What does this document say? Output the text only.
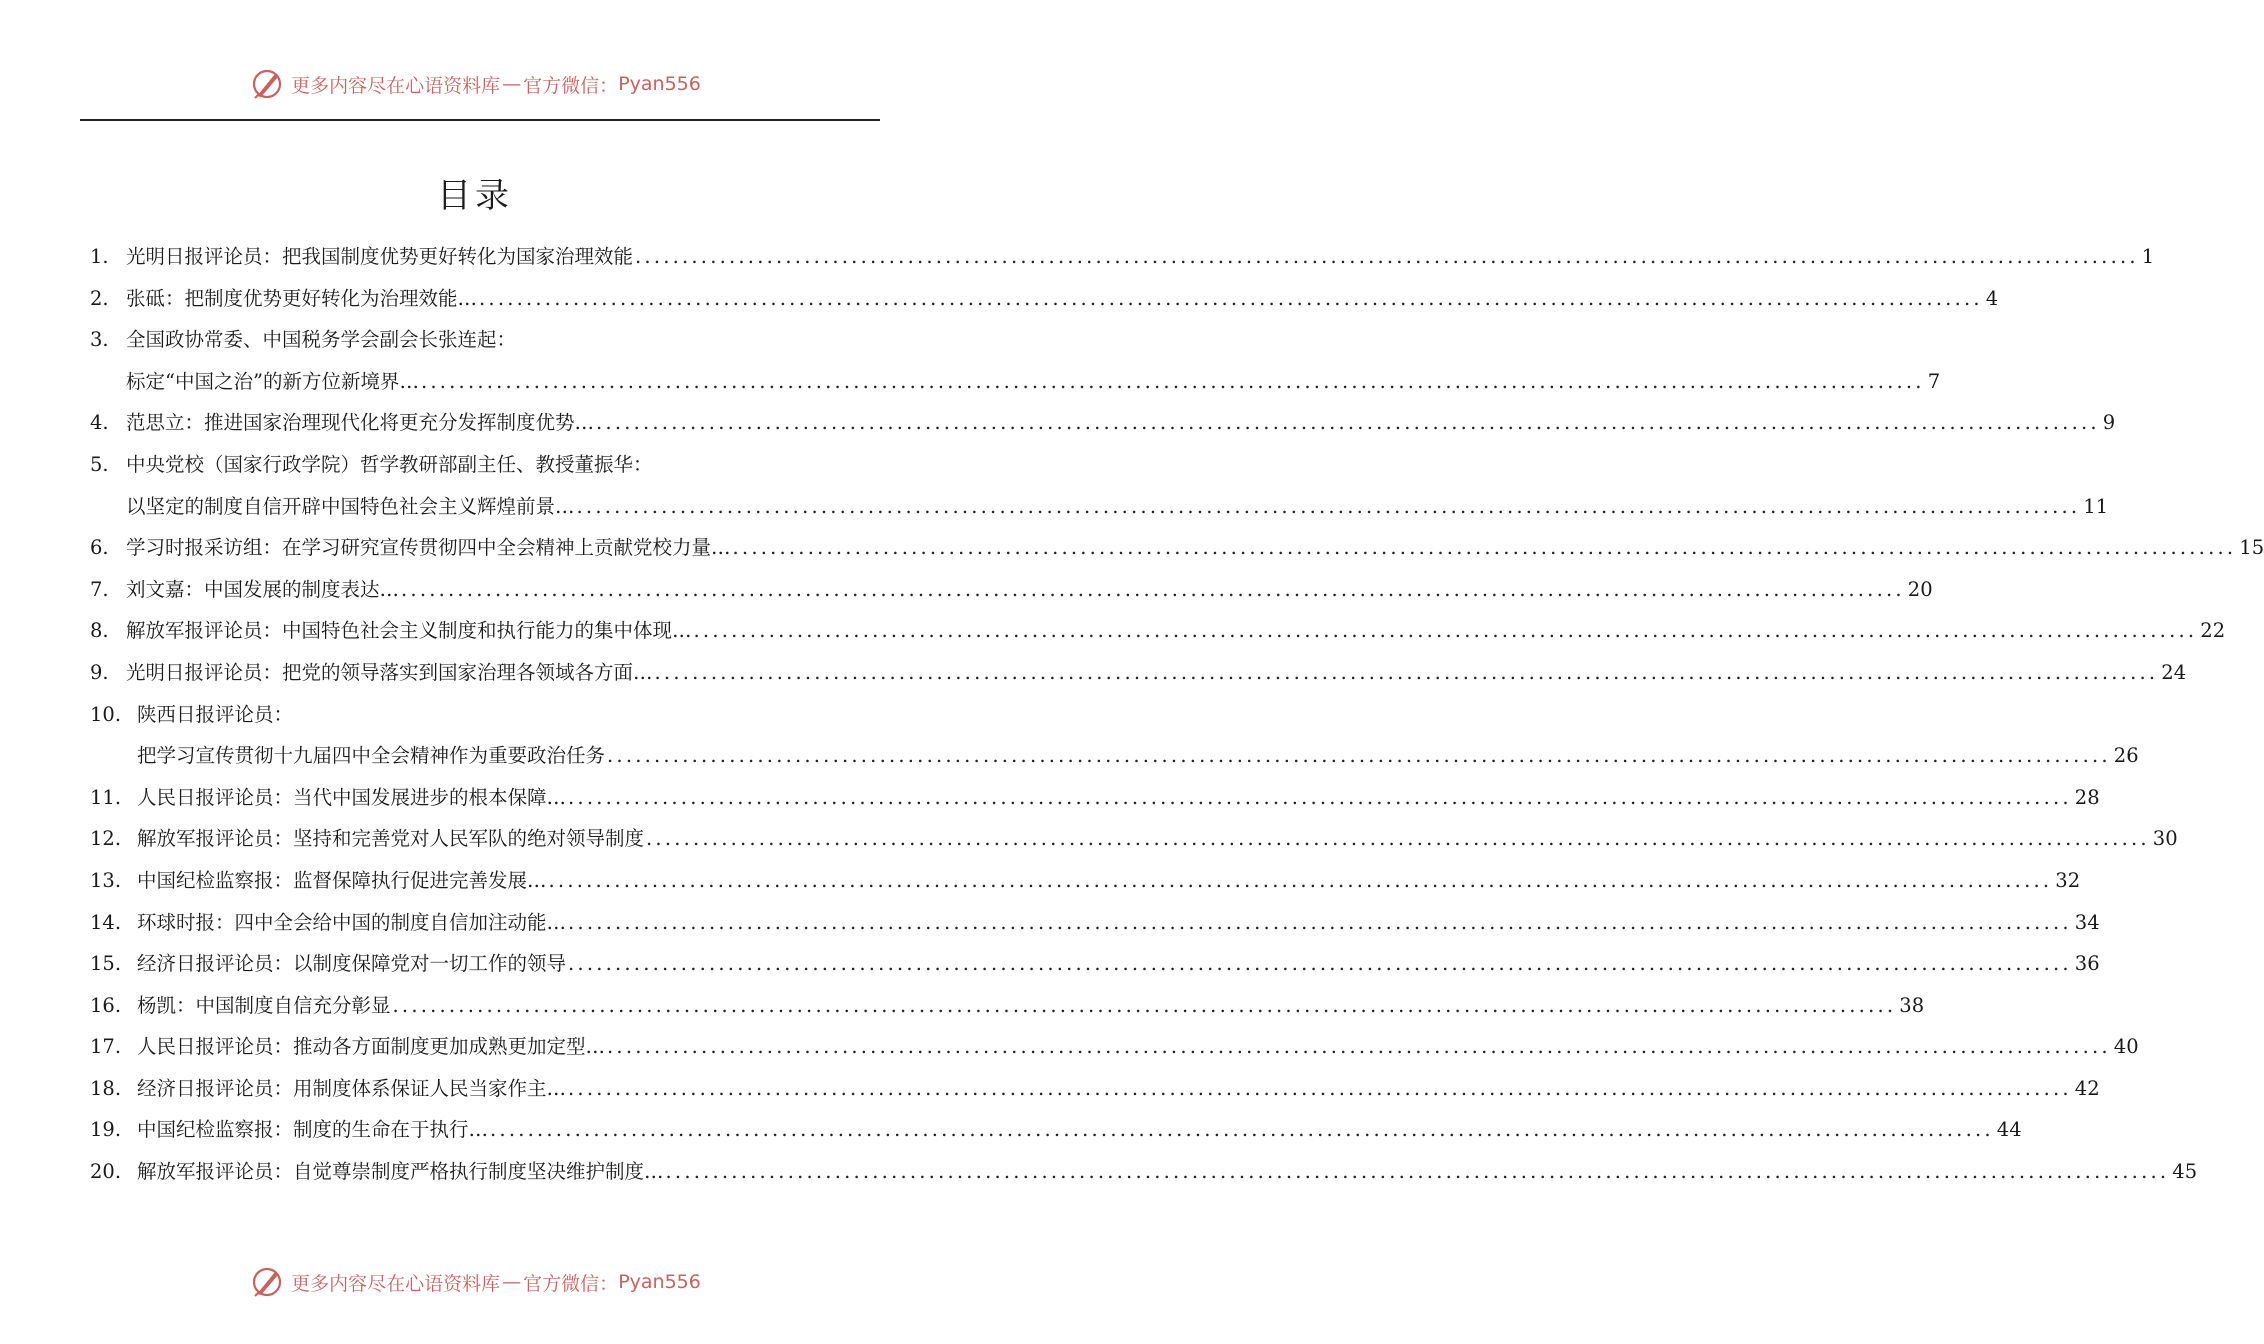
更多内容尽在心语资料库 — 官方微信： Pyan556
目录
1. 光明日报评论员：把我国制度优势更好转化为国家治理效能 ................................................................................................................................................................ 1
2. 张砥：把制度优势更好转化为治理效能… ................................................................................................................................................................ 4
3. 全国政协常委、中国税务学会副会长张连起：
标定“中国之治”的新方位新境界… ................................................................................................................................................................ 7
4. 范思立：推进国家治理现代化将更充分发挥制度优势… ................................................................................................................................................................ 9
5. 中央党校（国家行政学院）哲学教研部副主任、教授董振华：
以坚定的制度自信开辟中国特色社会主义辉煌前景… ................................................................................................................................................................ 11
6. 学习时报采访组：在学习研究宣传贯彻四中全会精神上贡献党校力量… ................................................................................................................................................................ 15
7. 刘文嘉：中国发展的制度表达… ................................................................................................................................................................ 20
8. 解放军报评论员：中国特色社会主义制度和执行能力的集中体现… ................................................................................................................................................................ 22
9. 光明日报评论员：把党的领导落实到国家治理各领域各方面… ................................................................................................................................................................ 24
10. 陕西日报评论员：
把学习宣传贯彻十九届四中全会精神作为重要政治任务 ................................................................................................................................................................ 26
11. 人民日报评论员：当代中国发展进步的根本保障… ................................................................................................................................................................ 28
12. 解放军报评论员：坚持和完善党对人民军队的绝对领导制度 ................................................................................................................................................................ 30
13. 中国纪检监察报：监督保障执行促进完善发展… ................................................................................................................................................................ 32
14. 环球时报：四中全会给中国的制度自信加注动能… ................................................................................................................................................................ 34
15. 经济日报评论员：以制度保障党对一切工作的领导 ................................................................................................................................................................ 36
16. 杨凯：中国制度自信充分彰显 ................................................................................................................................................................ 38
17. 人民日报评论员：推动各方面制度更加成熟更加定型… ................................................................................................................................................................ 40
18. 经济日报评论员：用制度体系保证人民当家作主… ................................................................................................................................................................ 42
19. 中国纪检监察报：制度的生命在于执行… ................................................................................................................................................................ 44
20. 解放军报评论员：自觉尊崇制度严格执行制度坚决维护制度… ................................................................................................................................................................ 45
更多内容尽在心语资料库 — 官方微信： Pyan556
